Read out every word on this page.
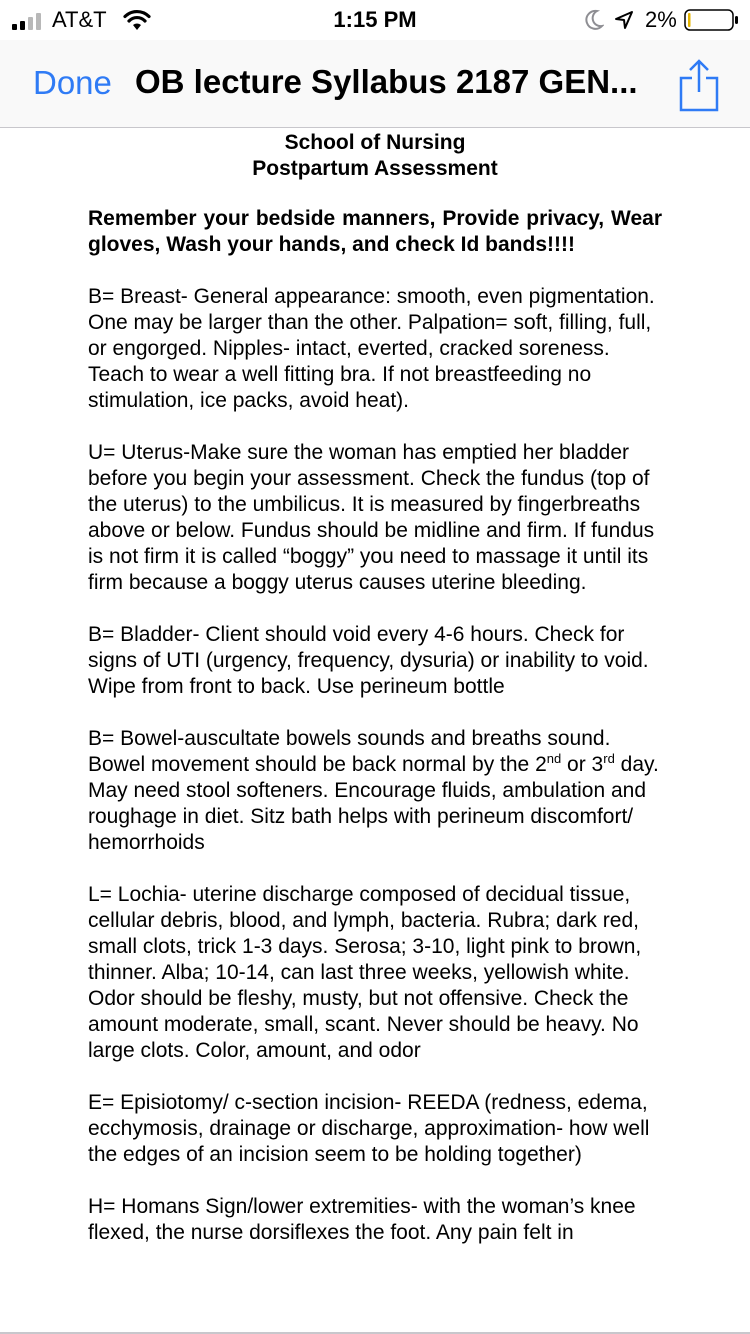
AT&T	1:15 PM	2%
Done OB lecture Syllabus 2187 GEN...
School of Nursing
Postpartum Assessment
Remember your bedside manners, Provide privacy, Wear gloves, Wash your hands, and check Id bands!!!!
B= Breast- General appearance: smooth, even pigmentation. One may be larger than the other. Palpation= soft, filling, full, or engorged. Nipples- intact, everted, cracked soreness. Teach to wear a well fitting bra. If not breastfeeding no stimulation, ice packs, avoid heat).
U= Uterus-Make sure the woman has emptied her bladder before you begin your assessment. Check the fundus (top of the uterus) to the umbilicus. It is measured by fingerbreaths above or below. Fundus should be midline and firm. If fundus is not firm it is called “boggy” you need to massage it until its firm because a boggy uterus causes uterine bleeding.
B= Bladder- Client should void every 4-6 hours. Check for signs of UTI (urgency, frequency, dysuria) or inability to void. Wipe from front to back. Use perineum bottle
B= Bowel-auscultate bowels sounds and breaths sound. Bowel movement should be back normal by the 2nd or 3rd day. May need stool softeners. Encourage fluids, ambulation and roughage in diet. Sitz bath helps with perineum discomfort/ hemorrhoids
L= Lochia- uterine discharge composed of decidual tissue, cellular debris, blood, and lymph, bacteria. Rubra; dark red, small clots, trick 1-3 days. Serosa; 3-10, light pink to brown, thinner. Alba; 10-14, can last three weeks, yellowish white. Odor should be fleshy, musty, but not offensive. Check the amount moderate, small, scant. Never should be heavy. No large clots. Color, amount, and odor
E= Episiotomy/ c-section incision- REEDA (redness, edema, ecchymosis, drainage or discharge, approximation- how well the edges of an incision seem to be holding together)
H= Homans Sign/lower extremities- with the woman’s knee flexed, the nurse dorsiflexes the foot. Any pain felt in
